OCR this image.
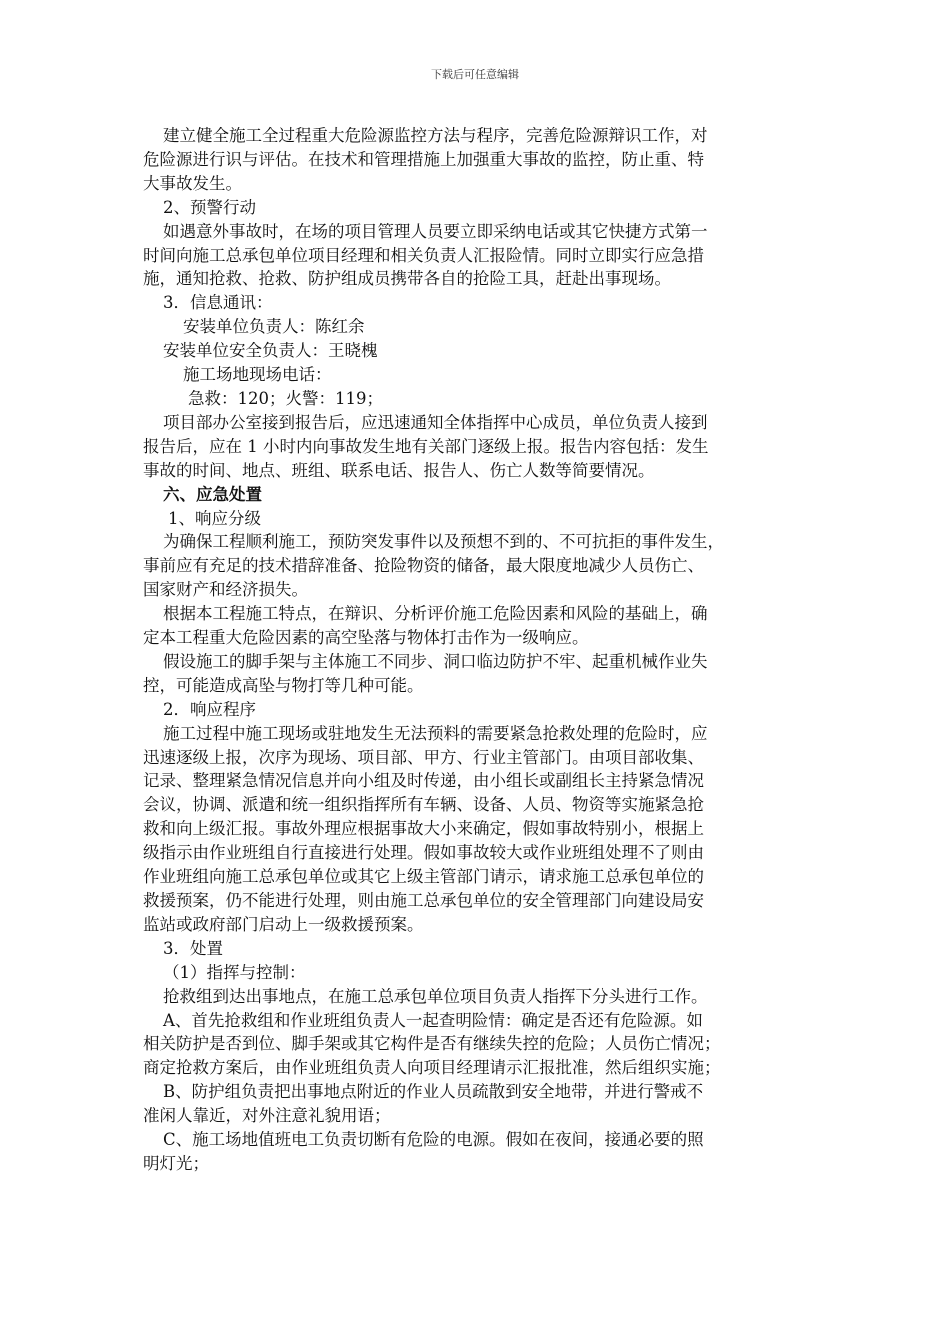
下载后可任意编辑

建立健全施工全过程重大危险源监控方法与程序，完善危险源辩识工作，对

危险源进行识与评估。在技术和管理措施上加强重大事故的监控，防止重、特

大事故发生。

2、预警行动

如遇意外事故时，在场的项目管理人员要立即采纳电话或其它快捷方式第一

时间向施工总承包单位项目经理和相关负责人汇报险情。同时立即实行应急措

施，通知抢救、抢救、防护组成员携带各自的抢险工具，赶赴出事现场。

3．信息通讯：

安装单位负责人：陈红余

安装单位安全负责人：王晓槐

施工场地现场电话：

急救：120；火警：119；

项目部办公室接到报告后，应迅速通知全体指挥中心成员，单位负责人接到

报告后，应在 1 小时内向事故发生地有关部门逐级上报。报告内容包括：发生

事故的时间、地点、班组、联系电话、报告人、伤亡人数等简要情况。

六、应急处置

1、响应分级

为确保工程顺利施工，预防突发事件以及预想不到的、不可抗拒的事件发生，

事前应有充足的技术措辞准备、抢险物资的储备，最大限度地减少人员伤亡、

国家财产和经济损失。

根据本工程施工特点，在辩识、分析评价施工危险因素和风险的基础上，确

定本工程重大危险因素的高空坠落与物体打击作为一级响应。

假设施工的脚手架与主体施工不同步、洞口临边防护不牢、起重机械作业失

控，可能造成高坠与物打等几种可能。

2．响应程序

施工过程中施工现场或驻地发生无法预料的需要紧急抢救处理的危险时，应

迅速逐级上报，次序为现场、项目部、甲方、行业主管部门。由项目部收集、

记录、整理紧急情况信息并向小组及时传递，由小组长或副组长主持紧急情况

会议，协调、派遣和统一组织指挥所有车辆、设备、人员、物资等实施紧急抢

救和向上级汇报。事故外理应根据事故大小来确定，假如事故特别小，根据上

级指示由作业班组自行直接进行处理。假如事故较大或作业班组处理不了则由

作业班组向施工总承包单位或其它上级主管部门请示，请求施工总承包单位的

救援预案，仍不能进行处理，则由施工总承包单位的安全管理部门向建设局安

监站或政府部门启动上一级救援预案。

3．处置

（1）指挥与控制：

抢救组到达出事地点，在施工总承包单位项目负责人指挥下分头进行工作。

A、首先抢救组和作业班组负责人一起查明险情：确定是否还有危险源。如

相关防护是否到位、脚手架或其它构件是否有继续失控的危险；人员伤亡情况；

商定抢救方案后，由作业班组负责人向项目经理请示汇报批准，然后组织实施；

B、防护组负责把出事地点附近的作业人员疏散到安全地带，并进行警戒不

准闲人靠近，对外注意礼貌用语；

C、施工场地值班电工负责切断有危险的电源。假如在夜间，接通必要的照

明灯光；
